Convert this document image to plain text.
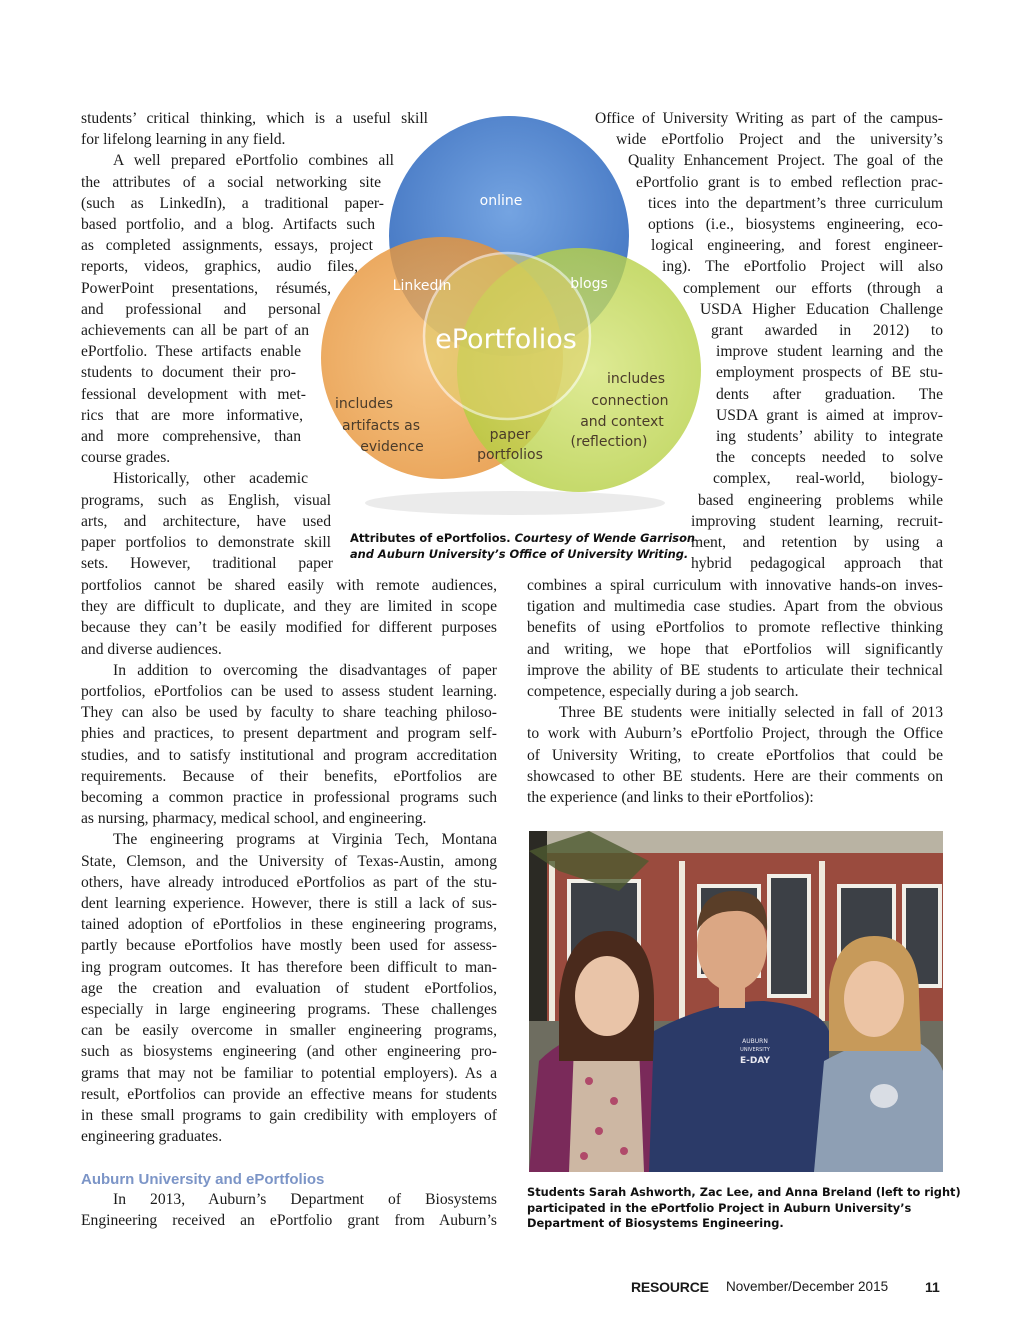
students’ critical thinking, which is a useful skill
for lifelong learning in any field.
A well prepared ePortfolio combines all
the attributes of a social networking site
(such as LinkedIn), a traditional paper-
based portfolio, and a blog. Artifacts such
as completed assignments, essays, project
reports, videos, graphics, audio files,
PowerPoint presentations, résumés,
and professional and personal
achievements can all be part of an
ePortfolio. These artifacts enable
students to document their pro-
fessional development with met-
rics that are more informative,
and more comprehensive, than
course grades.
Historically, other academic
programs, such as English, visual
arts, and architecture, have used
paper portfolios to demonstrate skill
sets. However, traditional paper
portfolios cannot be shared easily with remote audiences,
they are difficult to duplicate, and they are limited in scope
because they can’t be easily modified for different purposes
and diverse audiences.
In addition to overcoming the disadvantages of paper
portfolios, ePortfolios can be used to assess student learning.
They can also be used by faculty to share teaching philoso-
phies and practices, to present department and program self-
studies, and to satisfy institutional and program accreditation
requirements. Because of their benefits, ePortfolios are
becoming a common practice in professional programs such
as nursing, pharmacy, medical school, and engineering.
The engineering programs at Virginia Tech, Montana
State, Clemson, and the University of Texas-Austin, among
others, have already introduced ePortfolios as part of the stu-
dent learning experience. However, there is still a lack of sus-
tained adoption of ePortfolios in these engineering programs,
partly because ePortfolios have mostly been used for assess-
ing program outcomes. It has therefore been difficult to man-
age the creation and evaluation of student ePortfolios,
especially in large engineering programs. These challenges
can be easily overcome in smaller engineering programs,
such as biosystems engineering (and other engineering pro-
grams that may not be familiar to potential employers). As a
result, ePortfolios can provide an effective means for students
in these small programs to gain credibility with employers of
engineering graduates.
Auburn University and ePortfolios
In 2013, Auburn’s Department of Biosystems
Engineering received an ePortfolio grant from Auburn’s
Office of University Writing as part of the campus-
wide ePortfolio Project and the university’s
Quality Enhancement Project. The goal of the
ePortfolio grant is to embed reflection prac-
tices into the department’s three curriculum
options (i.e., biosystems engineering, eco-
logical engineering, and forest engineer-
ing). The ePortfolio Project will also
complement our efforts (through a
USDA Higher Education Challenge
grant awarded in 2012) to
improve student learning and the
employment prospects of BE stu-
dents after graduation. The
USDA grant is aimed at improv-
ing students’ ability to integrate
the concepts needed to solve
complex, real-world, biology-
based engineering problems while
improving student learning, recruit-
ment, and retention by using a
hybrid pedagogical approach that
combines a spiral curriculum with innovative hands-on inves-
tigation and multimedia case studies. Apart from the obvious
benefits of using ePortfolios to promote reflective thinking
and writing, we hope that ePortfolios will significantly
improve the ability of BE students to articulate their technical
competence, especially during a job search.
Three BE students were initially selected in fall of 2013
to work with Auburn’s ePortfolio Project, through the Office
of University Writing, to create ePortfolios that could be
showcased to other BE students. Here are their comments on
the experience (and links to their ePortfolios):
online
LinkedIn	blogs
ePortfolios
includes
artifacts as
evidence
paper
portfolios
includes
connection
and context
(reflection)
Attributes of ePortfolios. Courtesy of Wende Garrison
and Auburn University’s Office of University Writing.
AUBURN
UNIVERSITY
E-DAY
Students Sarah Ashworth, Zac Lee, and Anna Breland (left to right)
participated in the ePortfolio Project in Auburn University’s
Department of Biosystems Engineering.
RESOURCE November/December 2015	11
